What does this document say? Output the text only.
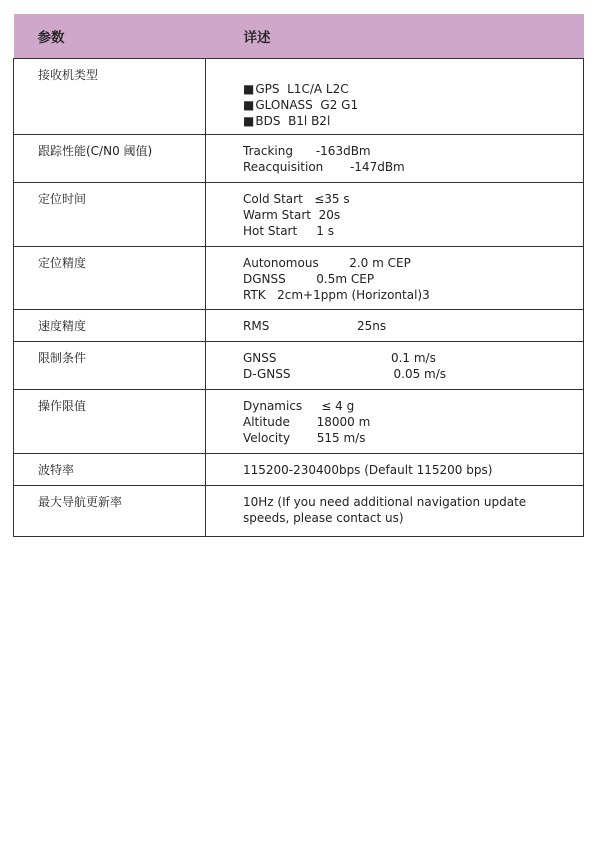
参数	详述
接收机类型	■GPS  L1C/A L2C
■GLONASS  G2 G1
■BDS  B1l B2l

跟踪性能(C/N0 阈值)	Tracking      -163dBm
Reacquisition       -147dBm

定位时间	Cold Start   ≤35 s
Warm Start  20s
Hot Start     1 s

定位精度	Autonomous        2.0 m CEP
DGNSS        0.5m CEP
RTK   2cm+1ppm (Horizontal)3

速度精度	RMS                       25ns

限制条件	GNSS                              0.1 m/s
D-GNSS                           0.05 m/s

操作限值	Dynamics     ≤ 4 g
Altitude       18000 m
Velocity       515 m/s

波特率	115200-230400bps (Default 115200 bps)

最大导航更新率	10Hz (If you need additional navigation update speeds, please contact us)
